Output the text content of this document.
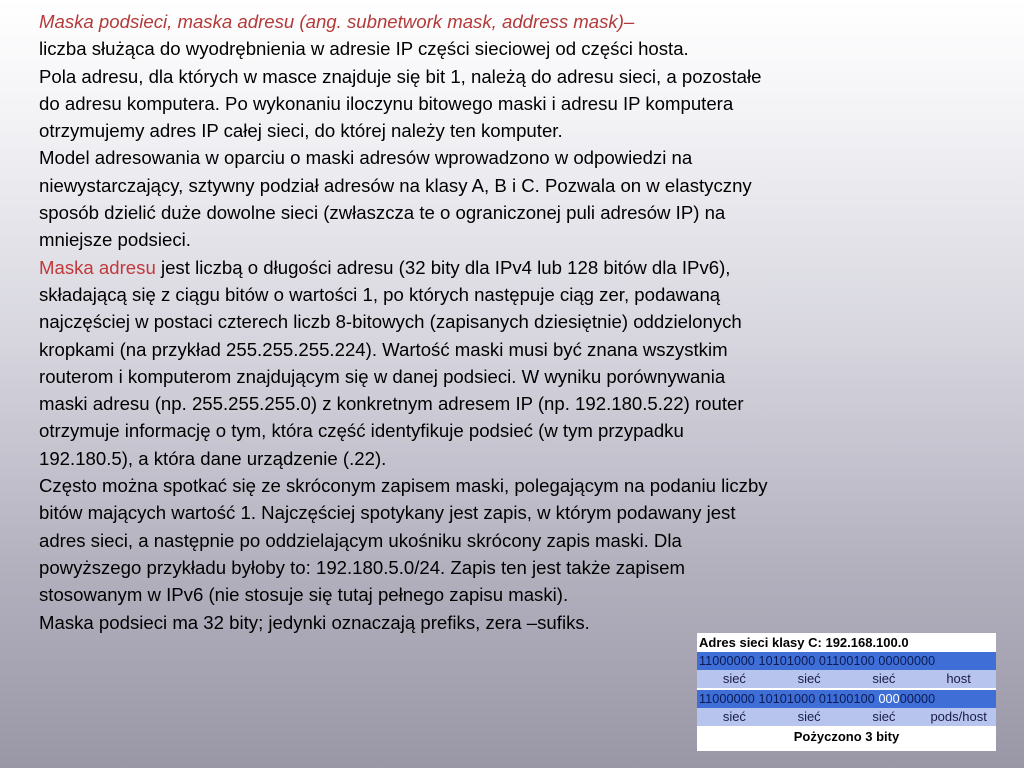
Maska podsieci, maska adresu (ang. subnetwork mask, address mask)–
liczba służąca do wyodrębnienia w adresie IP części sieciowej od części hosta.
Pola adresu, dla których w masce znajduje się bit 1, należą do adresu sieci, a pozostałe
do adresu komputera. Po wykonaniu iloczynu bitowego maski i adresu IP komputera
otrzymujemy adres IP całej sieci, do której należy ten komputer.
Model adresowania w oparciu o maski adresów wprowadzono w odpowiedzi na
niewystarczający, sztywny podział adresów na klasy A, B i C. Pozwala on w elastyczny
sposób dzielić duże dowolne sieci (zwłaszcza te o ograniczonej puli adresów IP) na
mniejsze podsieci.
Maska adresu jest liczbą o długości adresu (32 bity dla IPv4 lub 128 bitów dla IPv6),
składającą się z ciągu bitów o wartości 1, po których następuje ciąg zer, podawaną
najczęściej w postaci czterech liczb 8-bitowych (zapisanych dziesiętnie) oddzielonych
kropkami (na przykład 255.255.255.224). Wartość maski musi być znana wszystkim
routerom i komputerom znajdującym się w danej podsieci. W wyniku porównywania
maski adresu (np. 255.255.255.0) z konkretnym adresem IP (np. 192.180.5.22) router
otrzymuje informację o tym, która część identyfikuje podsieć (w tym przypadku
192.180.5), a która dane urządzenie (.22).
Często można spotkać się ze skróconym zapisem maski, polegającym na podaniu liczby
bitów mających wartość 1. Najczęściej spotykany jest zapis, w którym podawany jest
adres sieci, a następnie po oddzielającym ukośniku skrócony zapis maski. Dla
powyższego przykładu byłoby to: 192.180.5.0/24. Zapis ten jest także zapisem
stosowanym w IPv6 (nie stosuje się tutaj pełnego zapisu maski).
Maska podsieci ma 32 bity; jedynki oznaczają prefiks, zera –sufiks.
Adres sieci klasy C: 192.168.100.0
11000000 10101000 01100100 00000000
sieć	sieć	sieć	host
11000000 10101000 01100100 00000000
sieć	sieć	sieć	pods/host
Pożyczono 3 bity
